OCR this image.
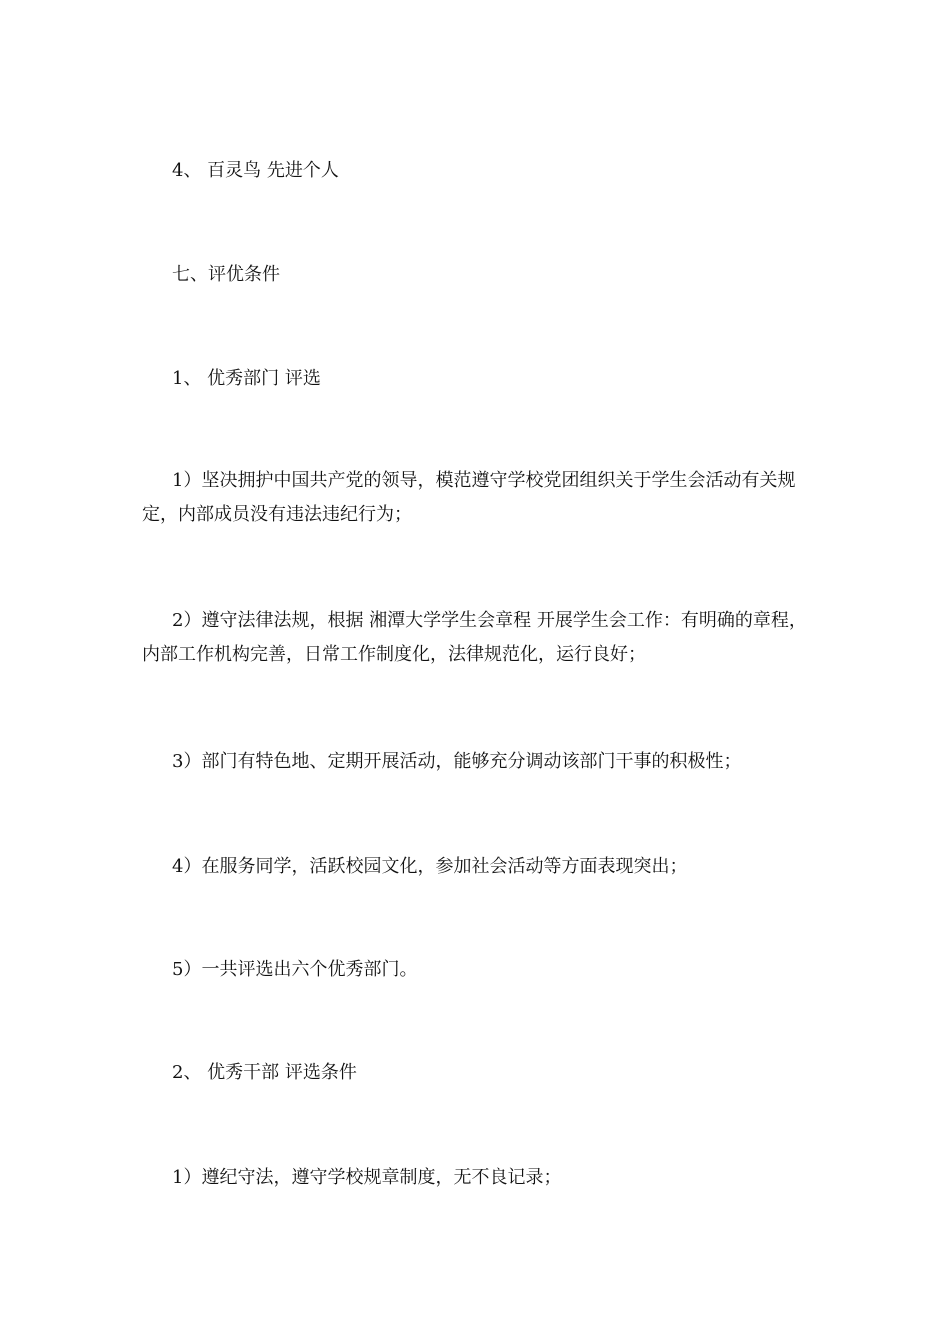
4、 百灵鸟 先进个人
七、评优条件
1、 优秀部门 评选
1）坚决拥护中国共产党的领导，模范遵守学校党团组织关于学生会活动有关规定，内部成员没有违法违纪行为；
2）遵守法律法规，根据 湘潭大学学生会章程 开展学生会工作：有明确的章程，内部工作机构完善，日常工作制度化，法律规范化，运行良好；
3）部门有特色地、定期开展活动，能够充分调动该部门干事的积极性；
4）在服务同学，活跃校园文化，参加社会活动等方面表现突出；
5）一共评选出六个优秀部门。
2、 优秀干部 评选条件
1）遵纪守法，遵守学校规章制度，无不良记录；
